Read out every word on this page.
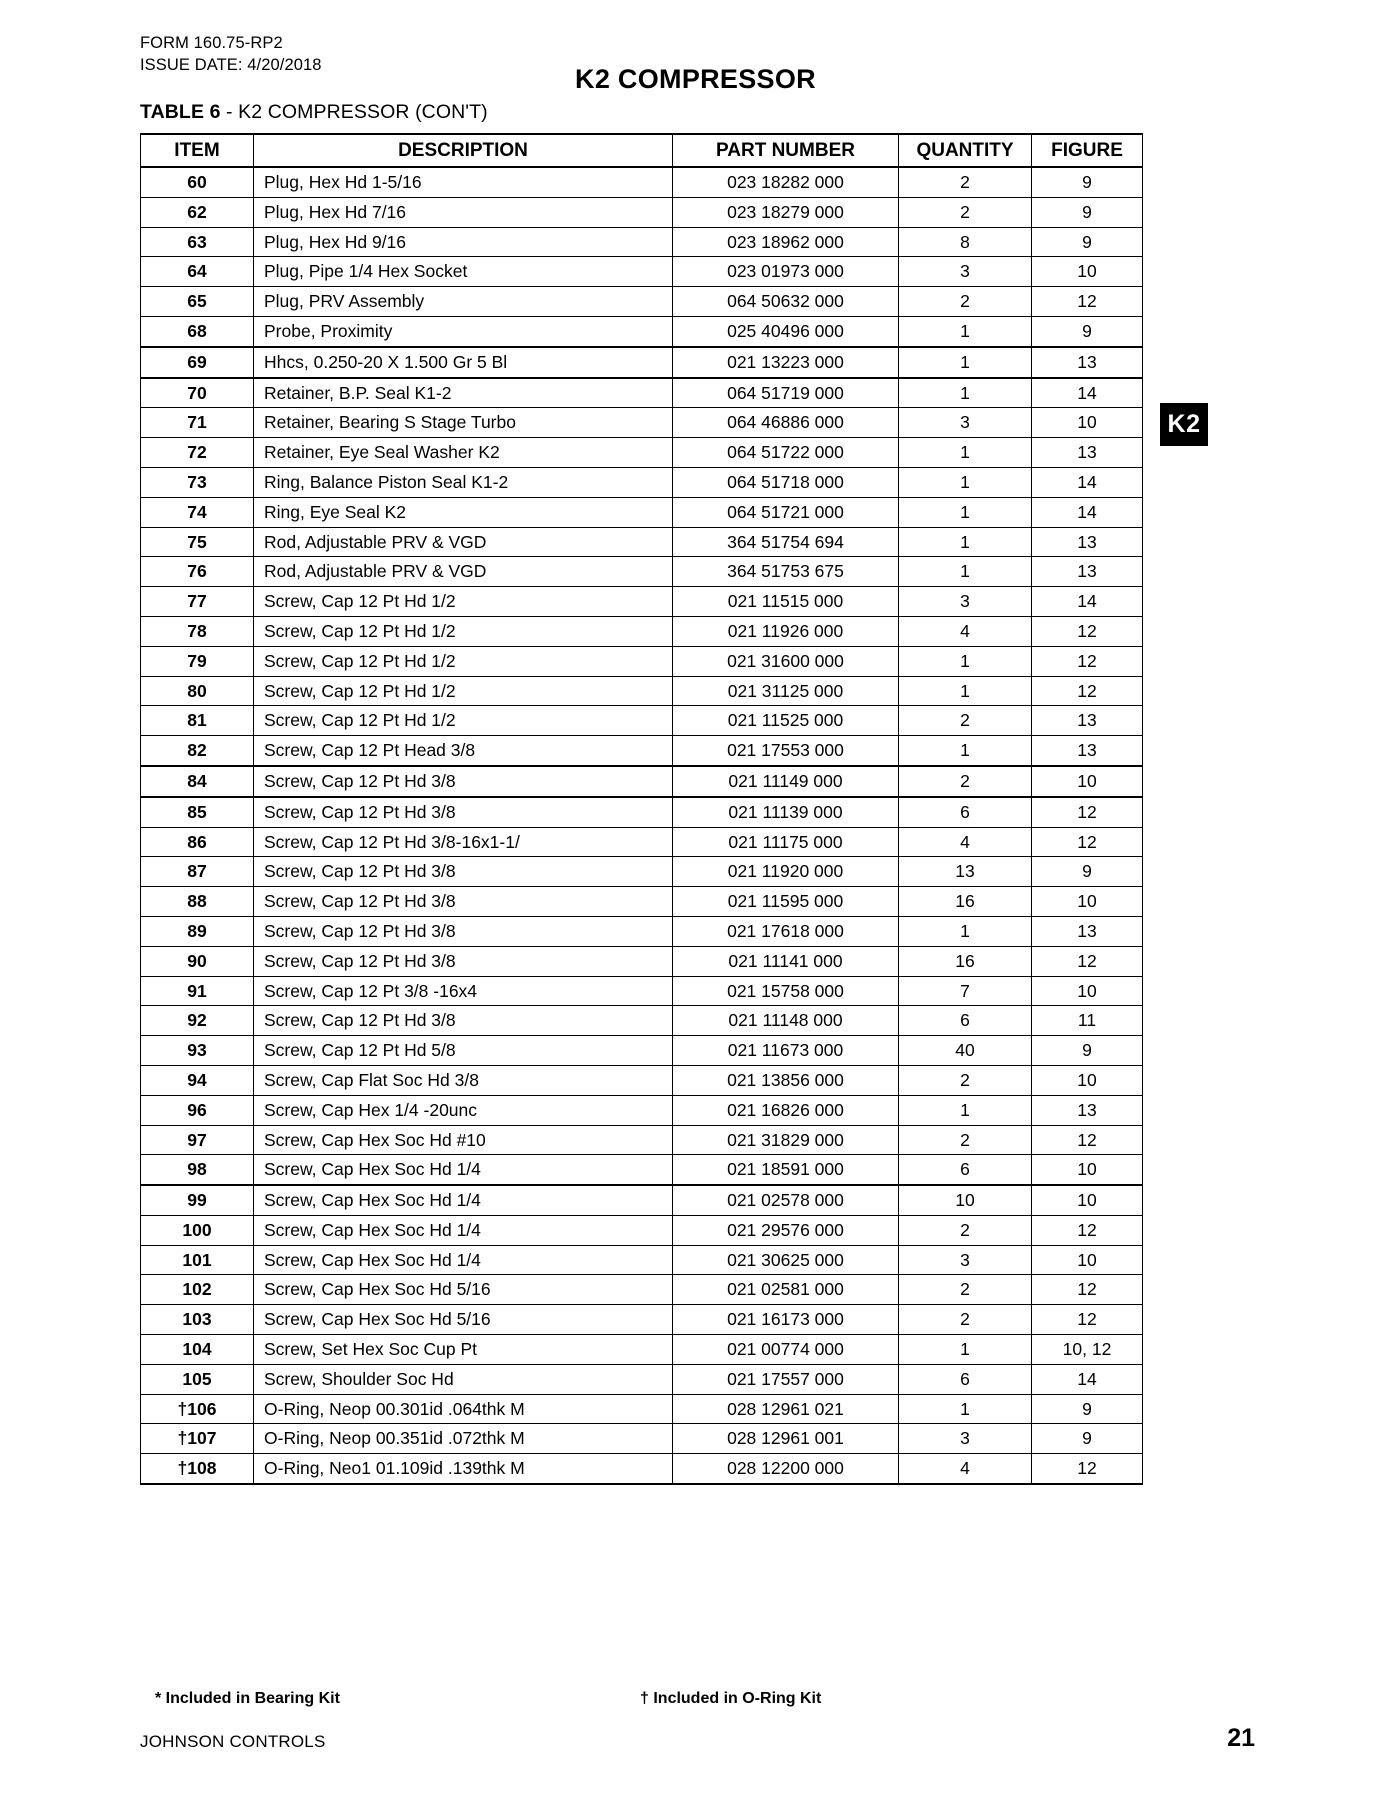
FORM 160.75-RP2
ISSUE DATE: 4/20/2018	K2 COMPRESSOR
TABLE 6 - K2 COMPRESSOR (CON'T)
K2
ITEM	DESCRIPTION	PART NUMBER	QUANTITY	FIGURE
60	Plug, Hex Hd 1-5/16	023 18282 000	2	9
62	Plug, Hex Hd 7/16	023 18279 000	2	9
63	Plug, Hex Hd 9/16	023 18962 000	8	9
64	Plug, Pipe 1/4 Hex Socket	023 01973 000	3	10
65	Plug, PRV Assembly	064 50632 000	2	12
68	Probe, Proximity	025 40496 000	1	9
69	Hhcs, 0.250-20 X 1.500 Gr 5 Bl	021 13223 000	1	13
70	Retainer, B.P. Seal K1-2	064 51719 000	1	14
71	Retainer, Bearing S Stage Turbo	064 46886 000	3	10
72	Retainer, Eye Seal Washer K2	064 51722 000	1	13
73	Ring, Balance Piston Seal K1-2	064 51718 000	1	14
74	Ring, Eye Seal K2	064 51721 000	1	14
75	Rod, Adjustable PRV & VGD	364 51754 694	1	13
76	Rod, Adjustable PRV & VGD	364 51753 675	1	13
77	Screw, Cap 12 Pt Hd 1/2	021 11515 000	3	14
78	Screw, Cap 12 Pt Hd 1/2	021 11926 000	4	12
79	Screw, Cap 12 Pt Hd 1/2	021 31600 000	1	12
80	Screw, Cap 12 Pt Hd 1/2	021 31125 000	1	12
81	Screw, Cap 12 Pt Hd 1/2	021 11525 000	2	13
82	Screw, Cap 12 Pt Head 3/8	021 17553 000	1	13
84	Screw, Cap 12 Pt Hd 3/8	021 11149 000	2	10
85	Screw, Cap 12 Pt Hd 3/8	021 11139 000	6	12
86	Screw, Cap 12 Pt Hd 3/8-16x1-1/	021 11175 000	4	12
87	Screw, Cap 12 Pt Hd 3/8	021 11920 000	13	9
88	Screw, Cap 12 Pt Hd 3/8	021 11595 000	16	10
89	Screw, Cap 12 Pt Hd 3/8	021 17618 000	1	13
90	Screw, Cap 12 Pt Hd 3/8	021 11141 000	16	12
91	Screw, Cap 12 Pt 3/8 -16x4	021 15758 000	7	10
92	Screw, Cap 12 Pt Hd 3/8	021 11148 000	6	11
93	Screw, Cap 12 Pt Hd 5/8	021 11673 000	40	9
94	Screw, Cap Flat Soc Hd 3/8	021 13856 000	2	10
96	Screw, Cap Hex 1/4 -20unc	021 16826 000	1	13
97	Screw, Cap Hex Soc Hd #10	021 31829 000	2	12
98	Screw, Cap Hex Soc Hd 1/4	021 18591 000	6	10
99	Screw, Cap Hex Soc Hd 1/4	021 02578 000	10	10
100	Screw, Cap Hex Soc Hd 1/4	021 29576 000	2	12
101	Screw, Cap Hex Soc Hd 1/4	021 30625 000	3	10
102	Screw, Cap Hex Soc Hd 5/16	021 02581 000	2	12
103	Screw, Cap Hex Soc Hd 5/16	021 16173 000	2	12
104	Screw, Set Hex Soc Cup Pt	021 00774 000	1	10, 12
105	Screw, Shoulder Soc Hd	021 17557 000	6	14
†106	O-Ring, Neop 00.301id .064thk M	028 12961 021	1	9
†107	O-Ring, Neop 00.351id .072thk M	028 12961 001	3	9
†108	O-Ring, Neo1 01.109id .139thk M	028 12200 000	4	12
* Included in Bearing Kit	† Included in O-Ring Kit
JOHNSON CONTROLS	21
